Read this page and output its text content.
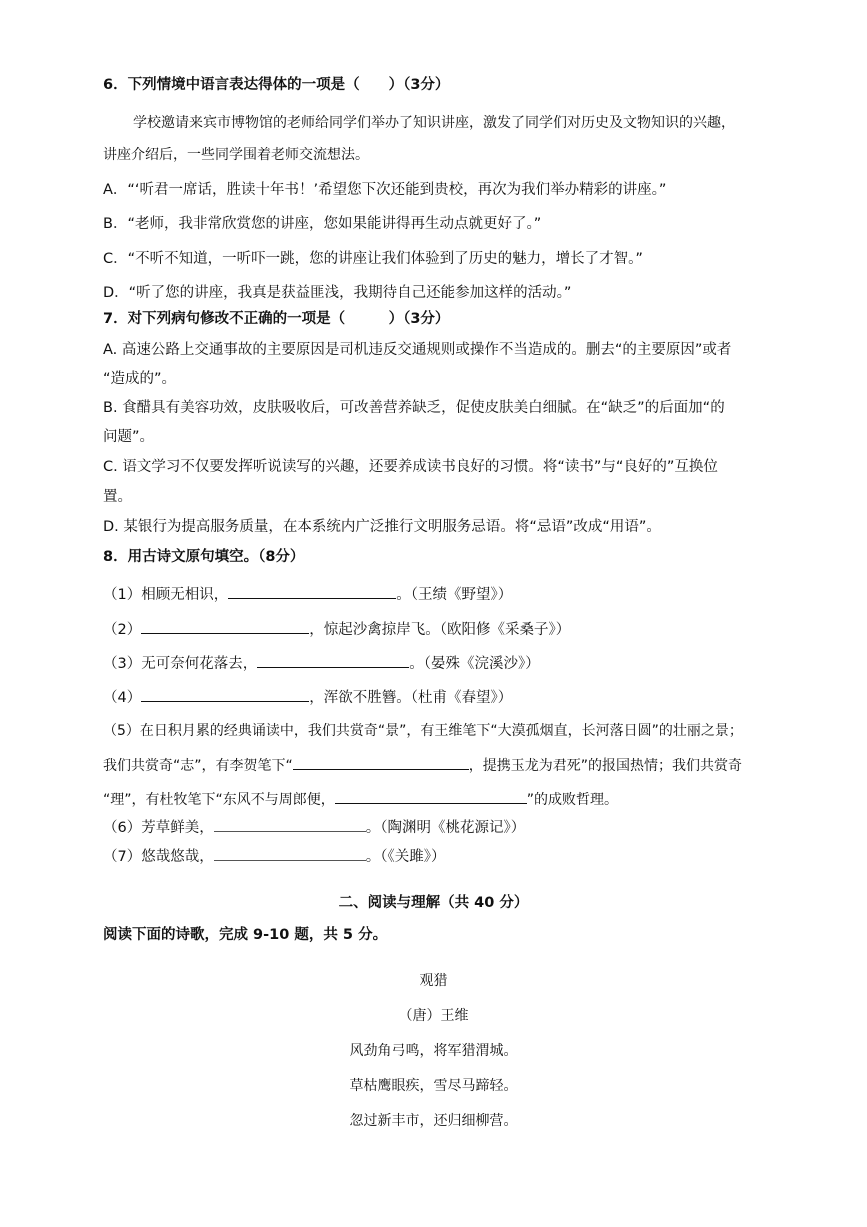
6．下列情境中语言表达得体的一项是（　　）（3分）
学校邀请来宾市博物馆的老师给同学们举办了知识讲座，激发了同学们对历史及文物知识的兴趣，
讲座介绍后，一些同学围着老师交流想法。
A．“‘听君一席话，胜读十年书！’希望您下次还能到贵校，再次为我们举办精彩的讲座。”
B．“老师，我非常欣赏您的讲座，您如果能讲得再生动点就更好了。”
C．“不听不知道，一听吓一跳，您的讲座让我们体验到了历史的魅力，增长了才智。”
D．“听了您的讲座，我真是获益匪浅，我期待自己还能参加这样的活动。”
7．对下列病句修改不正确的一项是（　　　）（3分）
A. 高速公路上交通事故的主要原因是司机违反交通规则或操作不当造成的。删去“的主要原因”或者
“造成的”。
B. 食醋具有美容功效，皮肤吸收后，可改善营养缺乏，促使皮肤美白细腻。在“缺乏”的后面加“的
问题”。
C. 语文学习不仅要发挥听说读写的兴趣，还要养成读书良好的习惯。将“读书”与“良好的”互换位
置。
D. 某银行为提高服务质量，在本系统内广泛推行文明服务忌语。将“忌语”改成“用语”。
8．用古诗文原句填空。（8分）
（1）相顾无相识，	。（王绩《野望》）
（2）	，惊起沙禽掠岸飞。（欧阳修《采桑子》）
（3）无可奈何花落去，	。（晏殊《浣溪沙》）
（4）	，浑欲不胜簪。（杜甫《春望》）
（5）在日积月累的经典诵读中，我们共赏奇“景”，有王维笔下“大漠孤烟直，长河落日圆”的壮丽之景；
我们共赏奇“志”，有李贺笔下“	，提携玉龙为君死”的报国热情；我们共赏奇
“理”，有杜牧笔下“东风不与周郎便，	”的成败哲理。
（6）芳草鲜美，	。（陶渊明《桃花源记》）
（7）悠哉悠哉，	。（《关雎》）
二、阅读与理解（共 40 分）
阅读下面的诗歌，完成 9-10 题，共 5 分。
观猎
（唐）王维
风劲角弓鸣，将军猎渭城。
草枯鹰眼疾，雪尽马蹄轻。
忽过新丰市，还归细柳营。
